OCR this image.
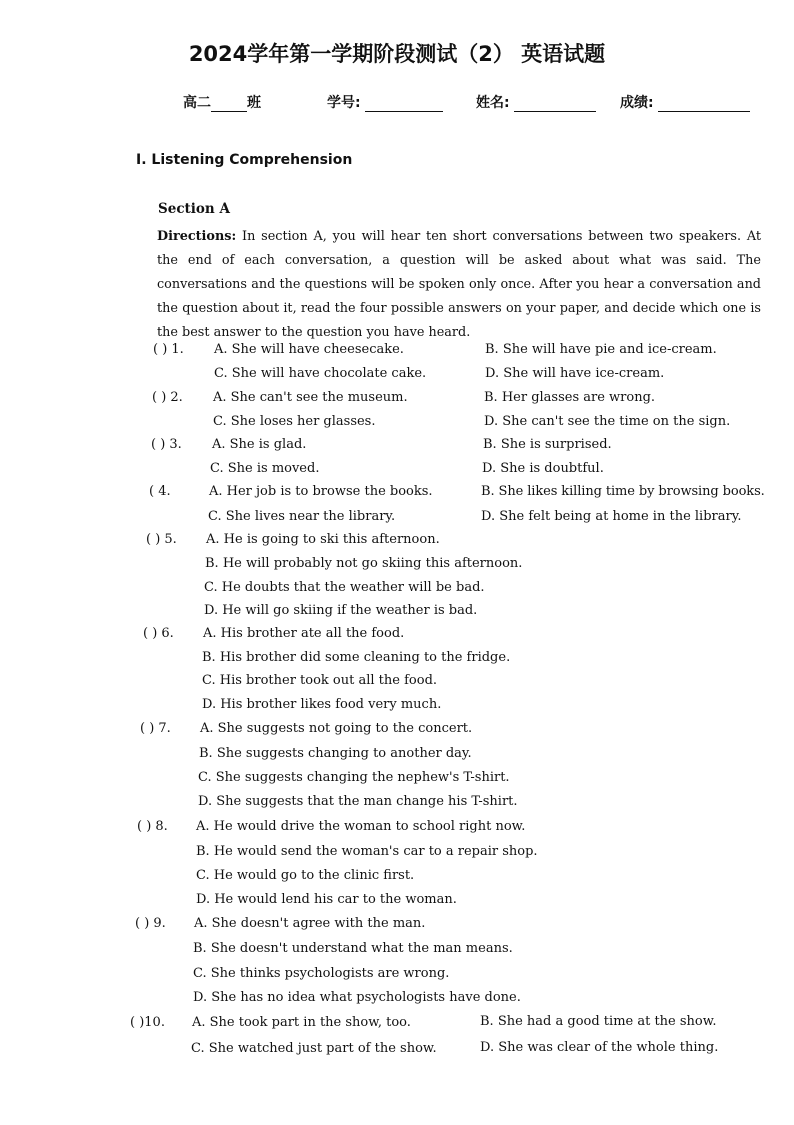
2024学年第一学期阶段测试（2） 英语试题
高二	班	学号:	姓名:	成绩:
I. Listening Comprehension
Section A
Directions: In section A, you will hear ten short conversations between two speakers. At the end of each conversation, a question will be asked about what was said. The conversations and the questions will be spoken only once. After you hear a conversation and the question about it, read the four possible answers on your paper, and decide which one is the best answer to the question you have heard.
( ) 1. A. She will have cheesecake.	B. She will have pie and ice-cream.
C. She will have chocolate cake.	D. She will have ice-cream.
( ) 2. A. She can't see the museum.	B. Her glasses are wrong.
C. She loses her glasses.	D. She can't see the time on the sign.
( ) 3. A. She is glad.	B. She is surprised.
C. She is moved.	D. She is doubtful.
( 4.	A. Her job is to browse the books.	B. She likes killing time by browsing books.
C. She lives near the library.	D. She felt being at home in the library.
( ) 5. A. He is going to ski this afternoon.
B. He will probably not go skiing this afternoon.
C. He doubts that the weather will be bad.
D. He will go skiing if the weather is bad.
( ) 6. A. His brother ate all the food.
B. His brother did some cleaning to the fridge.
C. His brother took out all the food.
D. His brother likes food very much.
( ) 7. A. She suggests not going to the concert.
B. She suggests changing to another day.
C. She suggests changing the nephew's T-shirt.
D. She suggests that the man change his T-shirt.
( ) 8. A. He would drive the woman to school right now.
B. He would send the woman's car to a repair shop.
C. He would go to the clinic first.
D. He would lend his car to the woman.
( ) 9. A. She doesn't agree with the man.
B. She doesn't understand what the man means.
C. She thinks psychologists are wrong.
D. She has no idea what psychologists have done.
( )10. A. She took part in the show, too.	B. She had a good time at the show.
C. She watched just part of the show.	D. She was clear of the whole thing.
